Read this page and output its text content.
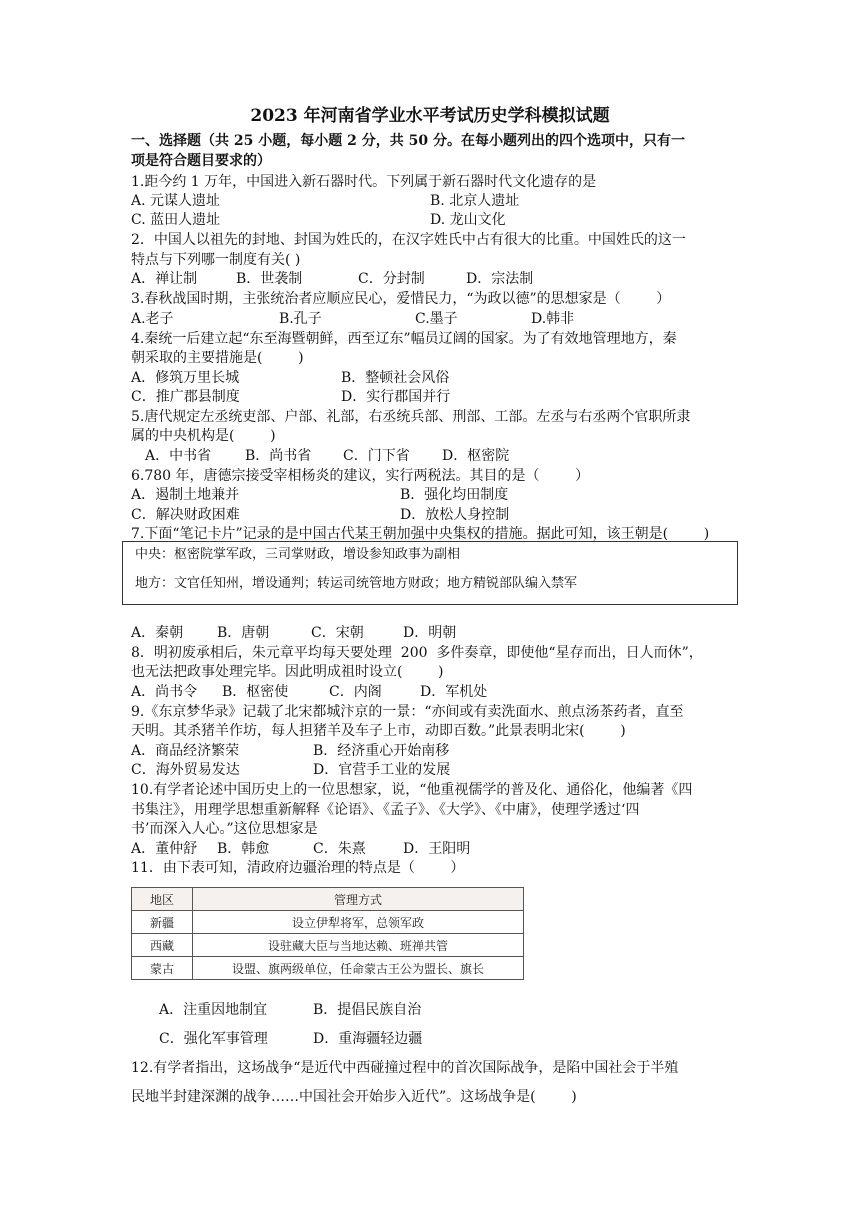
2023 年河南省学业水平考试历史学科模拟试题
一、选择题（共 25 小题，每小题 2 分，共 50 分。在每小题列出的四个选项中，只有一
项是符合题目要求的）
1.距今约 1 万年，中国进入新石器时代。下列属于新石器时代文化遗存的是
A. 元谋人遗址	B. 北京人遗址
C. 蓝田人遗址	D. 龙山文化
2．中国人以祖先的封地、封国为姓氏的，在汉字姓氏中占有很大的比重。中国姓氏的这一
特点与下列哪一制度有关( )
A．禅让制	B．世袭制	C．分封制	D．宗法制
3.春秋战国时期，主张统治者应顺应民心，爱惜民力，“为政以德”的思想家是（        ）
A.老子	B.孔子	C.墨子	D.韩非
4.秦统一后建立起“东至海暨朝鲜，西至辽东”幅员辽阔的国家。为了有效地管理地方，秦
朝采取的主要措施是(        )
A．修筑万里长城	B．整顿社会风俗
C．推广郡县制度	D．实行郡国并行
5.唐代规定左丞统吏部、户部、礼部，右丞统兵部、刑部、工部。左丞与右丞两个官职所隶
属的中央机构是(        )
A．中书省 B．尚书省 C．门下省 D．枢密院
6.780 年，唐德宗接受宰相杨炎的建议，实行两税法。其目的是（        ）
A．遏制土地兼并	B．强化均田制度
C．解决财政困难	D．放松人身控制
7.下面“笔记卡片”记录的是中国古代某王朝加强中央集权的措施。据此可知，该王朝是(        )
中央：枢密院掌军政，三司掌财政，增设参知政事为副相
地方：文官任知州，增设通判；转运司统管地方财政；地方精锐部队编入禁军
A．秦朝 B．唐朝	C．宋朝	D．明朝
8．明初废承相后，朱元章平均每天要处理  200  多件奏章，即使他“星存而出，日人而休”，
也无法把政事处理完毕。因此明成祖时设立(        )
A．尚书令 B．枢密使	C．内阁	D．军机处
9.《东京梦华录》记载了北宋都城汴京的一景：“亦间或有卖洗面水、煎点汤茶药者，直至
天明。其杀猪羊作坊，每人担猪羊及车子上市，动即百数。”此景表明北宋(        )
A．商品经济繁荣	B．经济重心开始南移
C．海外贸易发达	D．官营手工业的发展
10.有学者论述中国历史上的一位思想家，说，“他重视儒学的普及化、通俗化，他编著《四
书集注》，用理学思想重新解释《论语》、《孟子》、《大学》、《中庸》，使理学透过‘四
书’而深入人心。”这位思想家是
A．董仲舒 B．韩愈	C．朱熹	D．王阳明
11．由下表可知，清政府边疆治理的特点是（        ）
地区	管理方式
新疆	设立伊犁将军，总领军政
西藏	设驻藏大臣与当地达赖、班禅共管
蒙古	设盟、旗两级单位，任命蒙古王公为盟长、旗长
A．注重因地制宜	B．提倡民族自治
C．强化军事管理	D．重海疆轻边疆
12.有学者指出，这场战争“是近代中西碰撞过程中的首次国际战争，是陷中国社会于半殖
民地半封建深渊的战争……中国社会开始步入近代”。这场战争是(        )
